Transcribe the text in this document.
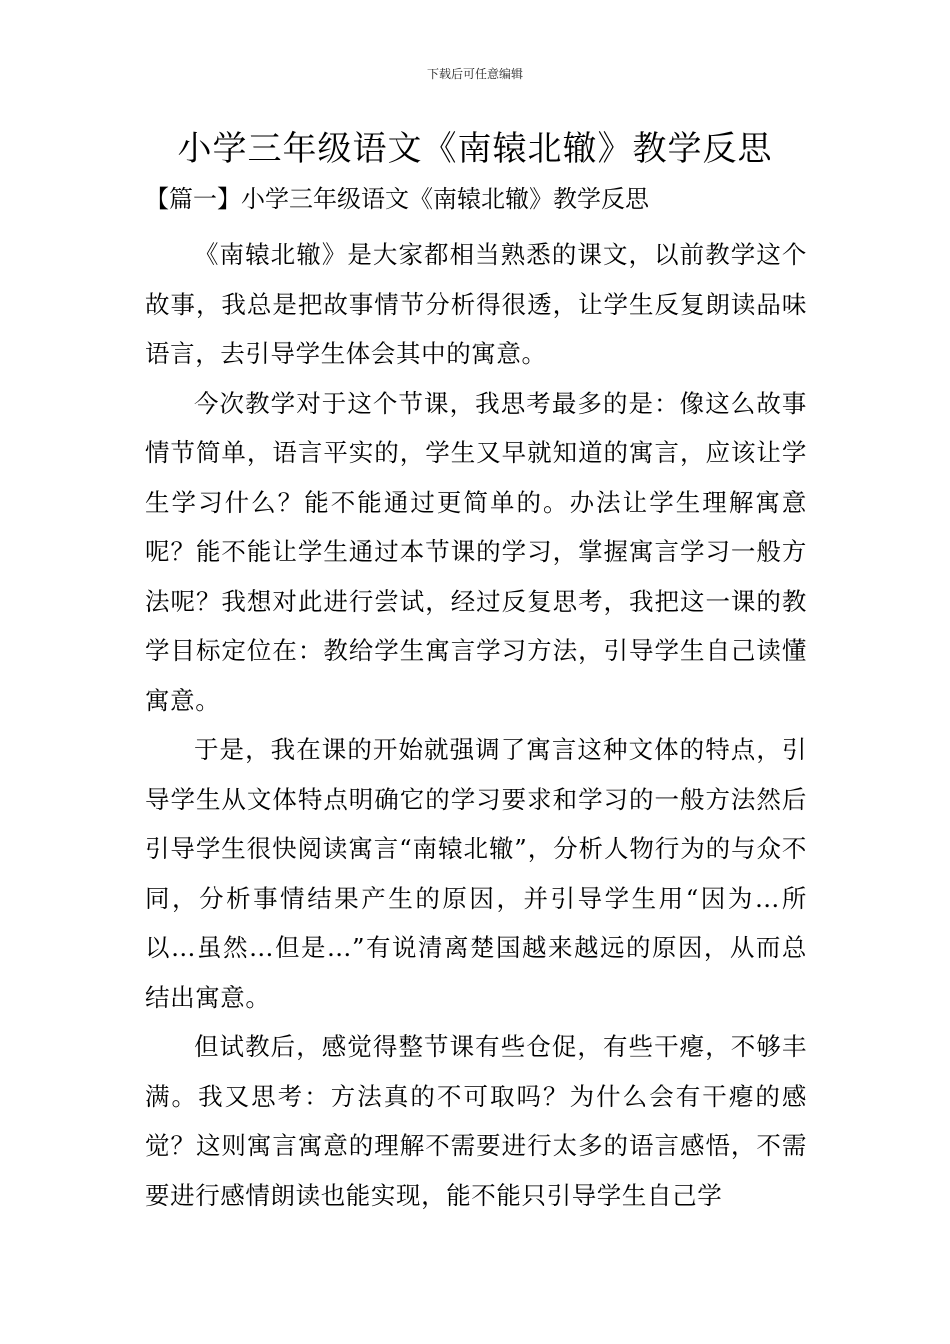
下载后可任意编辑
小学三年级语文《南辕北辙》教学反思
【篇一】小学三年级语文《南辕北辙》教学反思

《南辕北辙》是大家都相当熟悉的课文，以前教学这个故事，我总是把故事情节分析得很透，让学生反复朗读品味语言，去引导学生体会其中的寓意。

今次教学对于这个节课，我思考最多的是：像这么故事情节简单，语言平实的，学生又早就知道的寓言，应该让学生学习什么？能不能通过更简单的。办法让学生理解寓意呢？能不能让学生通过本节课的学习，掌握寓言学习一般方法呢？我想对此进行尝试，经过反复思考，我把这一课的教学目标定位在：教给学生寓言学习方法，引导学生自己读懂寓意。

于是，我在课的开始就强调了寓言这种文体的特点，引导学生从文体特点明确它的学习要求和学习的一般方法然后引导学生很快阅读寓言“南辕北辙”，分析人物行为的与众不同，分析事情结果产生的原因，并引导学生用“因为…所以…虽然…但是…”有说清离楚国越来越远的原因，从而总结出寓意。

但试教后，感觉得整节课有些仓促，有些干瘪，不够丰满。我又思考：方法真的不可取吗？为什么会有干瘪的感觉？这则寓言寓意的理解不需要进行太多的语言感悟，不需要进行感情朗读也能实现，能不能只引导学生自己学
